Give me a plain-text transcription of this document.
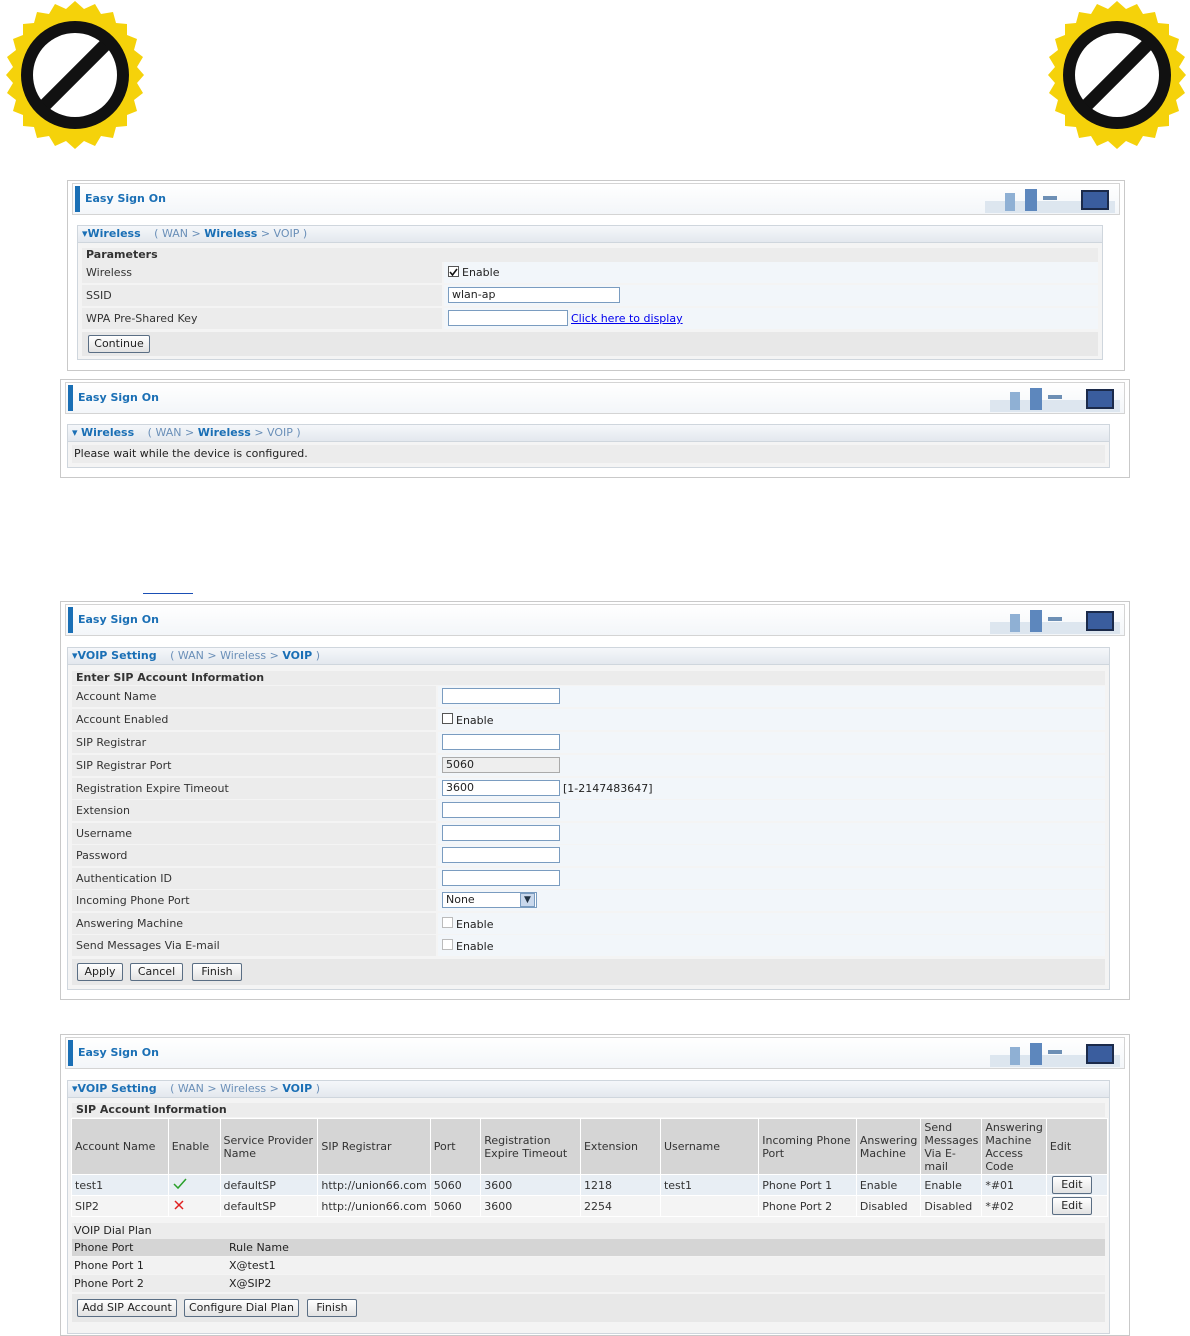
Easy Sign On
▾Wireless ( WAN > Wireless > VOIP )
Parameters
Wireless	Enable
SSID	wlan-ap
WPA Pre-Shared Key	Click here to display
Continue
Easy Sign On
▾ Wireless ( WAN > Wireless > VOIP )
Please wait while the device is configured.
Easy Sign On
▾VOIP Setting ( WAN > Wireless > VOIP )
Enter SIP Account Information
Account Name
Account Enabled	Enable
SIP Registrar
SIP Registrar Port	5060
Registration Expire Timeout	3600	[1-2147483647]
Extension
Username
Password
Authentication ID
Incoming Phone Port	None	▼
Answering Machine	Enable
Send Messages Via E-mail	Enable
Apply	Cancel	Finish
Easy Sign On
▾VOIP Setting ( WAN > Wireless > VOIP )
SIP Account Information
Account Name	Enable	Service Provider Name	SIP Registrar	Port	Registration Expire Timeout	Extension	Username	Incoming Phone Port	Answering Machine	Send Messages Via E-mail	Answering Machine Access Code	Edit
test1		defaultSP	http://union66.com	5060	3600	1218	test1	Phone Port 1	Enable	Enable	*#01	Edit

SIP2		defaultSP	http://union66.com	5060	3600	2254		Phone Port 2	Disabled	Disabled	*#02	Edit
VOIP Dial Plan
Phone Port	Rule Name
Phone Port 1	X@test1
Phone Port 2	X@SIP2
Add SIP Account	Configure Dial Plan	Finish
